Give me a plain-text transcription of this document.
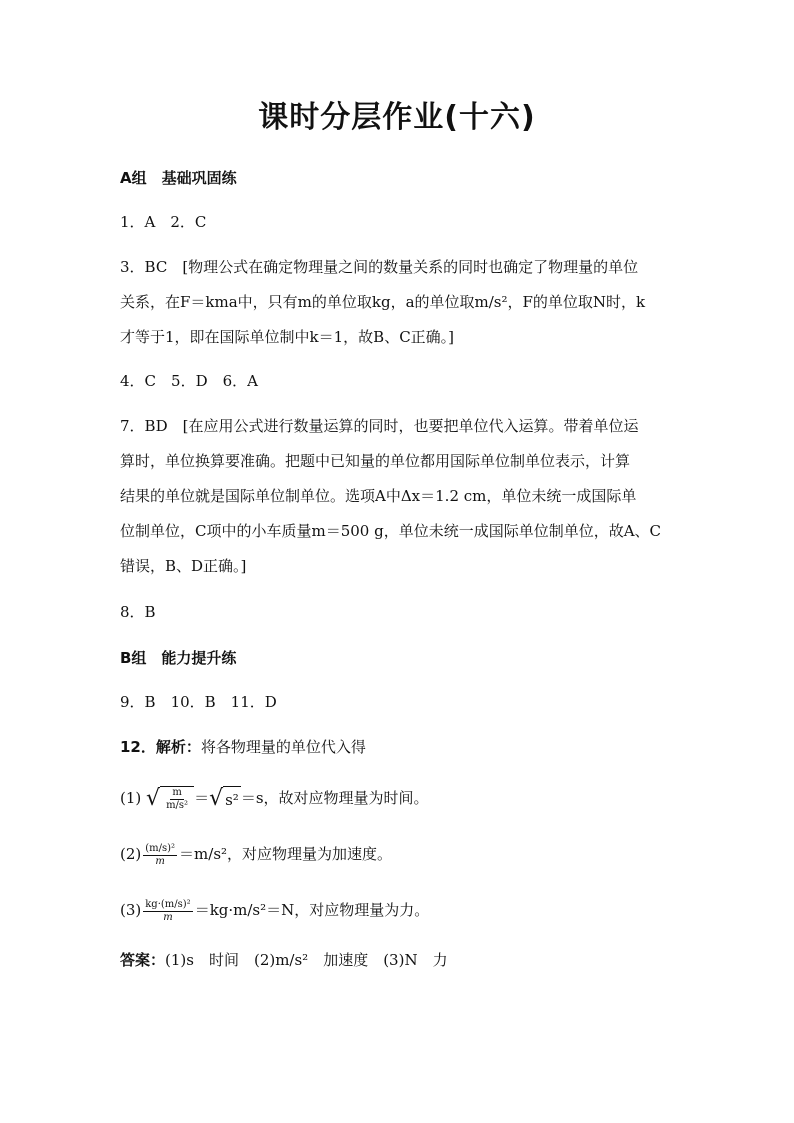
课时分层作业(十六)
A组　基础巩固练
1．A　2．C

3．BC　[物理公式在确定物理量之间的数量关系的同时也确定了物理量的单位

关系，在F＝kma中，只有m的单位取kg，a的单位取m/s²，F的单位取N时，k

才等于1，即在国际单位制中k＝1，故B、C正确。]

4．C　5．D　6．A

7．BD　[在应用公式进行数量运算的同时，也要把单位代入运算。带着单位运

算时，单位换算要准确。把题中已知量的单位都用国际单位制单位表示，计算

结果的单位就是国际单位制单位。选项A中Δx＝1.2 cm，单位未统一成国际单

位制单位，C项中的小车质量m＝500 g，单位未统一成国际单位制单位，故A、C

错误，B、D正确。]

8．B
B组　能力提升练
9．B　10．B　11．D
12．解析：将各物理量的单位代入得
(1) √ $\frac{m}{\text{m/s²}}$ ＝ √ s² ＝s，故对应物理量为时间。
$(2) \frac{\text{(m/s)²}}{m} =m/s^2$，对应物理量为加速度。
$(3) \frac{\text{kg·(m/s)²}}{m} =kg\cdot m/s^2=N$，对应物理量为力。
答案：(1)s　时间　(2)m/s²　加速度　(3)N　力
